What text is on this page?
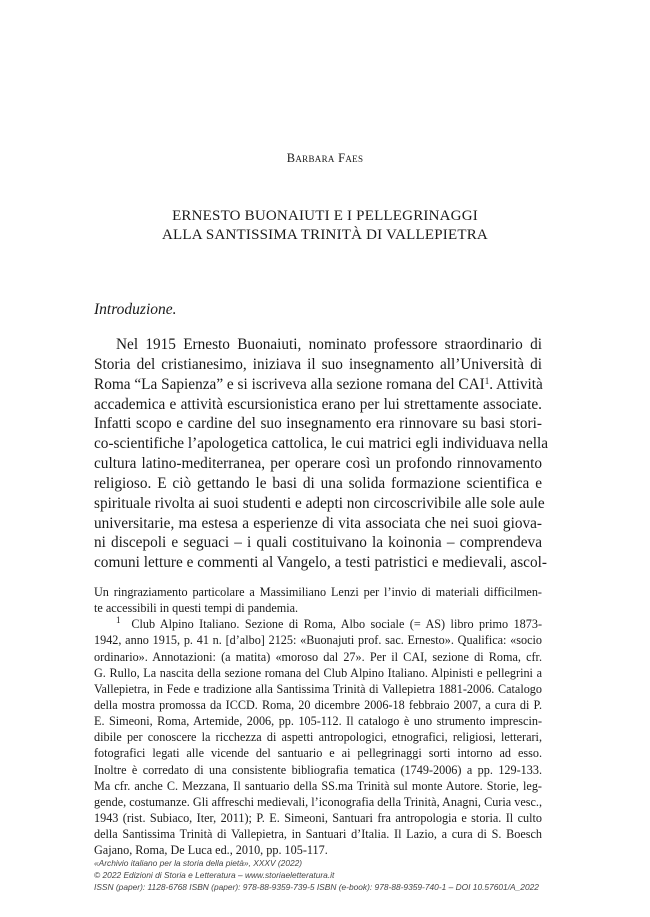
Barbara Faes
ERNESTO BUONAIUTI E I PELLEGRINAGGI
ALLA SANTISSIMA TRINITÀ DI VALLEPIETRA
Introduzione.
Nel 1915 Ernesto Buonaiuti, nominato professore straordinario di
Storia del cristianesimo, iniziava il suo insegnamento all’Università di
Roma “La Sapienza” e si iscriveva alla sezione romana del CAI$^1$. Attività
accademica e attività escursionistica erano per lui strettamente associate.
Infatti scopo e cardine del suo insegnamento era rinnovare su basi stori-
co-scientifiche l’apologetica cattolica, le cui matrici egli individuava nella
cultura latino-mediterranea, per operare così un profondo rinnovamento
religioso. E ciò gettando le basi di una solida formazione scientifica e
spirituale rivolta ai suoi studenti e adepti non circoscrivibile alle sole aule
universitarie, ma estesa a esperienze di vita associata che nei suoi giova-
ni discepoli e seguaci – i quali costituivano la koinonia – comprendeva
comuni letture e commenti al Vangelo, a testi patristici e medievali, ascol-
Un ringraziamento particolare a Massimiliano Lenzi per l’invio di materiali difficilmen-
te accessibili in questi tempi di pandemia.
$^1$ Club Alpino Italiano. Sezione di Roma, Albo sociale (= AS) libro primo 1873-
1942, anno 1915, p. 41 n. [d’albo] 2125: «Buonajuti prof. sac. Ernesto». Qualifica: «socio
ordinario». Annotazioni: (a matita) «moroso dal 27». Per il CAI, sezione di Roma, cfr.
G. Rullo, La nascita della sezione romana del Club Alpino Italiano. Alpinisti e pellegrini a
Vallepietra, in Fede e tradizione alla Santissima Trinità di Vallepietra 1881-2006. Catalogo
della mostra promossa da ICCD. Roma, 20 dicembre 2006-18 febbraio 2007, a cura di P.
E. Simeoni, Roma, Artemide, 2006, pp. 105-112. Il catalogo è uno strumento imprescin-
dibile per conoscere la ricchezza di aspetti antropologici, etnografici, religiosi, letterari,
fotografici legati alle vicende del santuario e ai pellegrinaggi sorti intorno ad esso.
Inoltre è corredato di una consistente bibliografia tematica (1749-2006) a pp. 129-133.
Ma cfr. anche C. Mezzana, Il santuario della SS.ma Trinità sul monte Autore. Storie, leg-
gende, costumanze. Gli affreschi medievali, l’iconografia della Trinità, Anagni, Curia vesc.,
1943 (rist. Subiaco, Iter, 2011); P. E. Simeoni, Santuari fra antropologia e storia. Il culto
della Santissima Trinità di Vallepietra, in Santuari d’Italia. Il Lazio, a cura di S. Boesch
Gajano, Roma, De Luca ed., 2010, pp. 105-117.
«Archivio italiano per la storia della pietà», XXXV (2022)
© 2022 Edizioni di Storia e Letteratura – www.storiaeletteratura.it
ISSN (paper): 1128-6768 ISBN (paper): 978-88-9359-739-5 ISBN (e-book): 978-88-9359-740-1 – DOI 10.57601/A_2022
